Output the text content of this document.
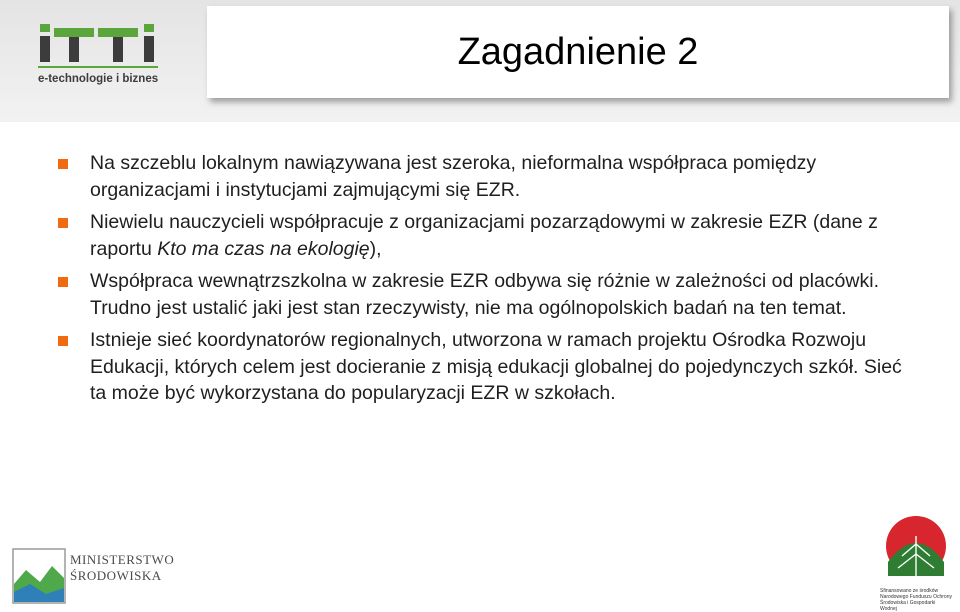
e-technologie i biznes
Zagadnienie 2
Na szczeblu lokalnym nawiązywana jest szeroka, nieformalna współpraca pomiędzy organizacjami i instytucjami zajmującymi się EZR.
Niewielu nauczycieli współpracuje z organizacjami pozarządowymi w zakresie EZR (dane z raportu Kto ma czas na ekologię),
Współpraca wewnątrzszkolna w zakresie EZR odbywa się różnie w zależności od placówki. Trudno jest ustalić jaki jest stan rzeczywisty, nie ma ogólnopolskich badań na ten temat.
Istnieje sieć koordynatorów regionalnych, utworzona w ramach projektu Ośrodka Rozwoju Edukacji, których celem jest docieranie z misją edukacji globalnej do pojedynczych szkół. Sieć ta może być wykorzystana do popularyzacji EZR w szkołach.
MINISTERSTWO
ŚRODOWISKA
Sfinansowano ze środków Narodowego Funduszu Ochrony Środowiska i Gospodarki Wodnej
